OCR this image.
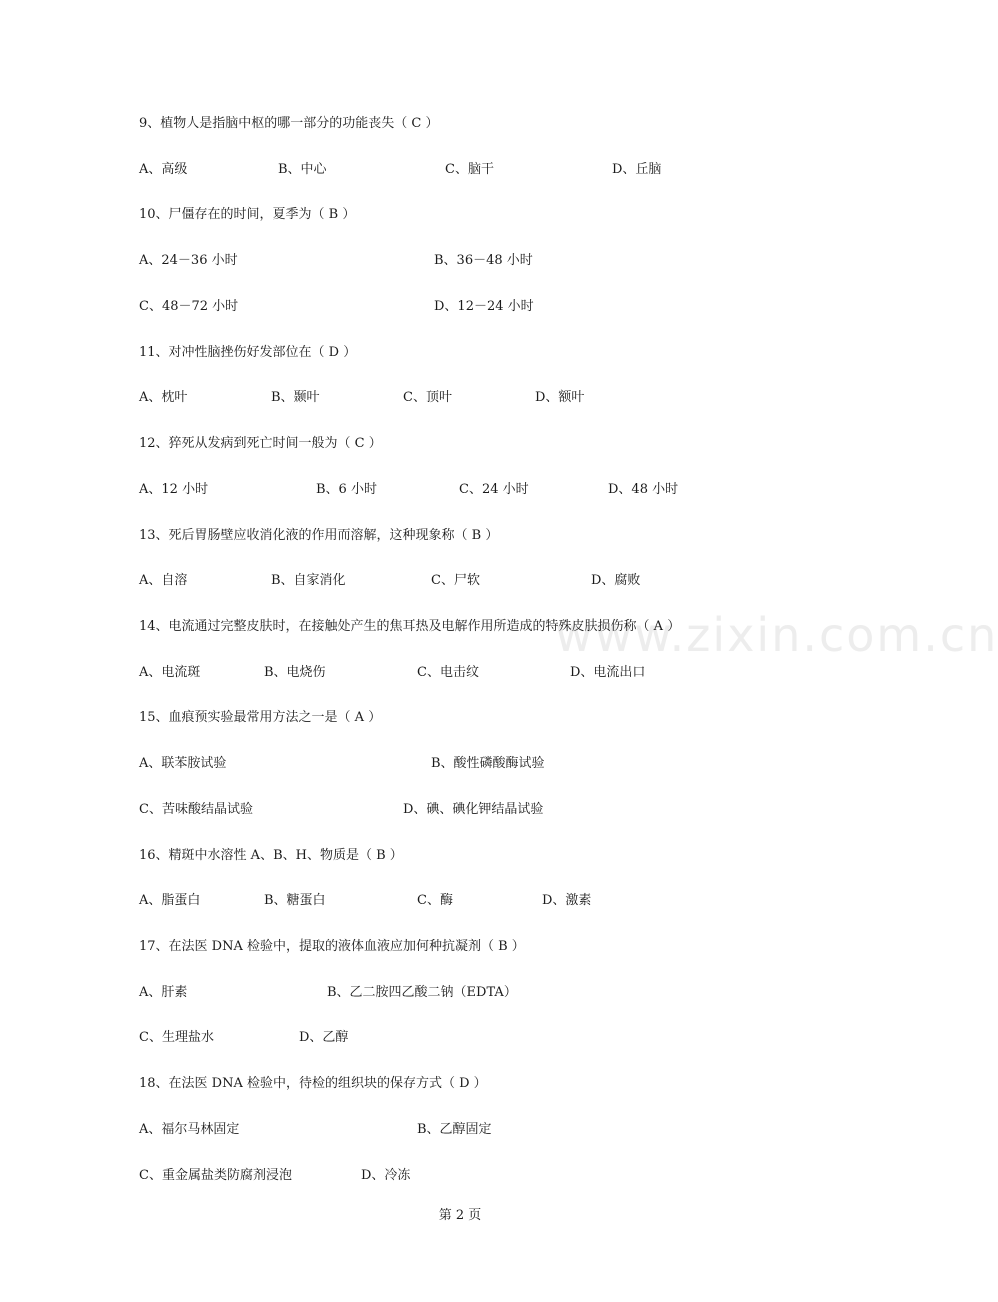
www.zixin.com.cn
9、植物人是指脑中枢的哪一部分的功能丧失（ C ）
A、高级	B、中心	C、脑干	D、丘脑
10、尸僵存在的时间，夏季为（ B ）
A、24－36 小时	B、36－48 小时
C、48－72 小时	D、12－24 小时
11、对冲性脑挫伤好发部位在（ D ）
A、枕叶	B、颞叶	C、顶叶	D、额叶
12、猝死从发病到死亡时间一般为（ C ）
A、12 小时	B、6 小时	C、24 小时	D、48 小时
13、死后胃肠壁应收消化液的作用而溶解，这种现象称（ B ）
A、自溶	B、自家消化	C、尸软	D、腐败
14、电流通过完整皮肤时，在接触处产生的焦耳热及电解作用所造成的特殊皮肤损伤称（ A ）
A、电流斑	B、电烧伤	C、电击纹	D、电流出口
15、血痕预实验最常用方法之一是（ A ）
A、联苯胺试验	B、酸性磷酸酶试验
C、苦味酸结晶试验	D、碘、碘化钾结晶试验
16、精斑中水溶性 A、B、H、物质是（ B ）
A、脂蛋白	B、糖蛋白	C、酶	D、激素
17、在法医 DNA 检验中，提取的液体血液应加何种抗凝剂（ B ）
A、肝素	B、乙二胺四乙酸二钠（EDTA）
C、生理盐水	D、乙醇
18、在法医 DNA 检验中，待检的组织块的保存方式（ D ）
A、福尔马林固定	B、乙醇固定
C、重金属盐类防腐剂浸泡	D、冷冻
第 2 页
